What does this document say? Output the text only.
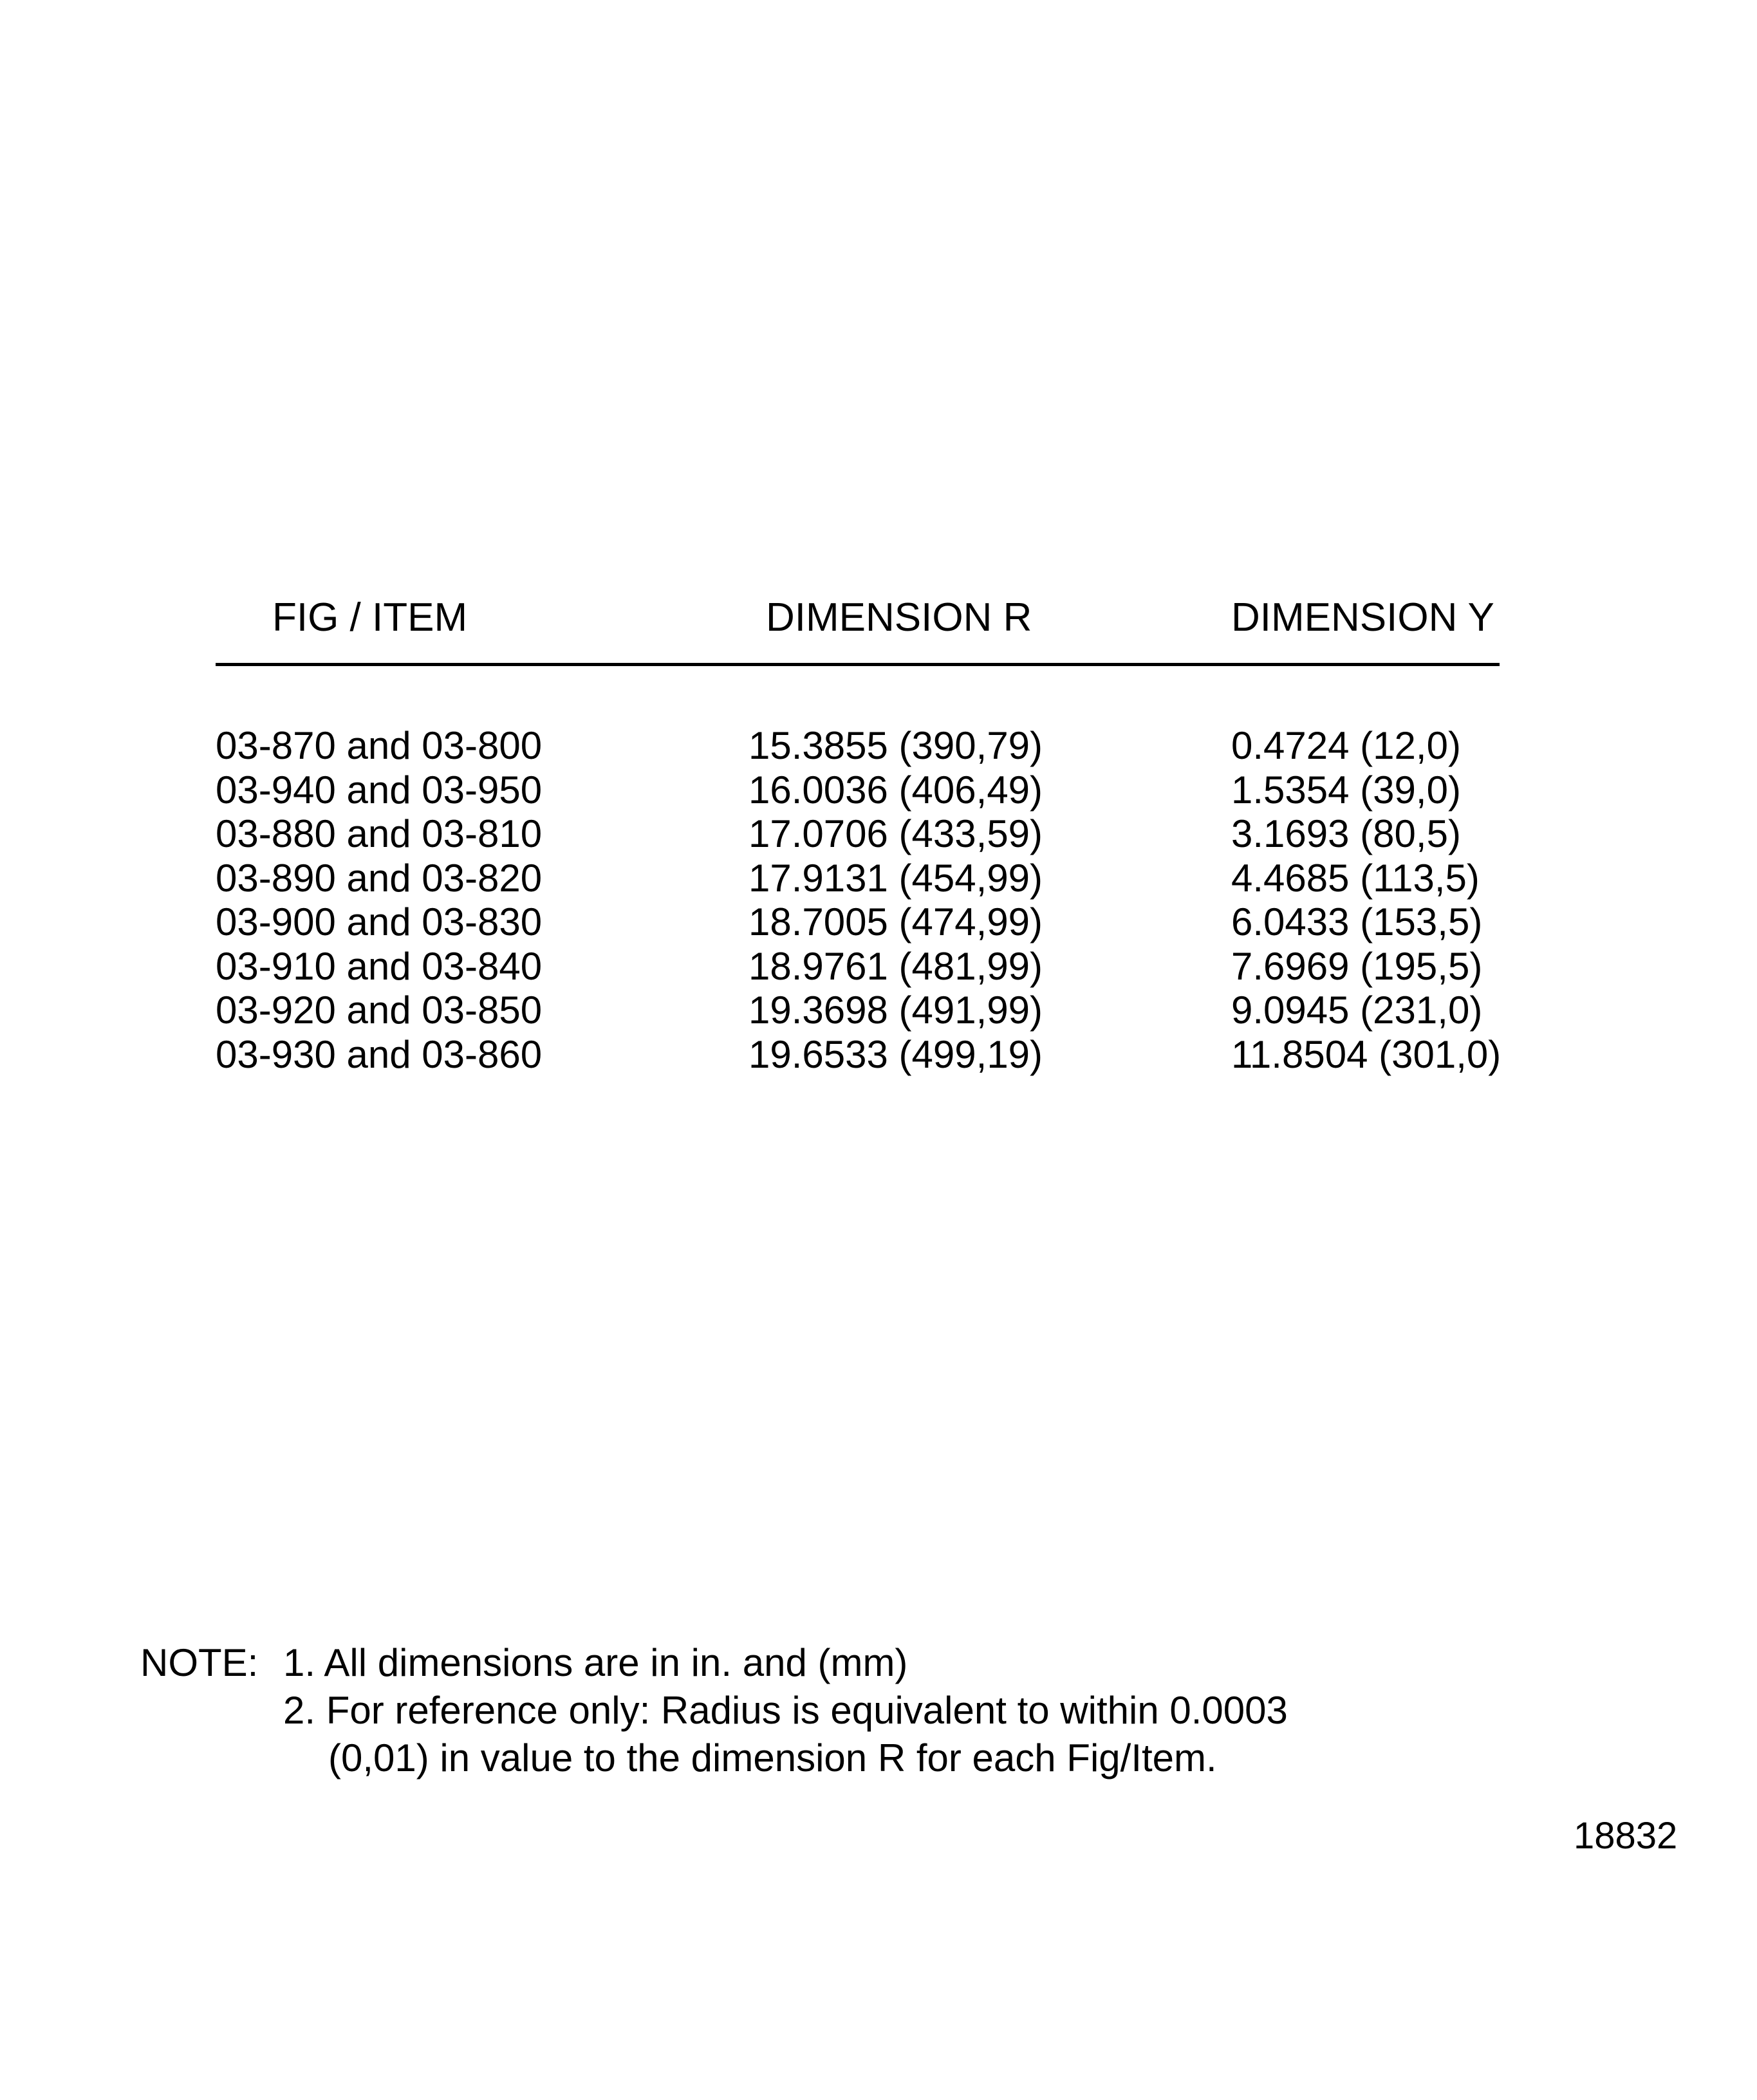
FIG / ITEM	DIMENSION R	DIMENSION Y
03-870 and 03-800	15.3855 (390,79)	0.4724 (12,0)
03-940 and 03-950	16.0036 (406,49)	1.5354 (39,0)
03-880 and 03-810	17.0706 (433,59)	3.1693 (80,5)
03-890 and 03-820	17.9131 (454,99)	4.4685 (113,5)
03-900 and 03-830	18.7005 (474,99)	6.0433 (153,5)
03-910 and 03-840	18.9761 (481,99)	7.6969 (195,5)
03-920 and 03-850	19.3698 (491,99)	9.0945 (231,0)
03-930 and 03-860	19.6533 (499,19)	11.8504 (301,0)
NOTE: 1. All dimensions are in in. and (mm)
2. For reference only: Radius is equivalent to within 0.0003
(0,01) in value to the dimension R for each Fig/Item.
18832
